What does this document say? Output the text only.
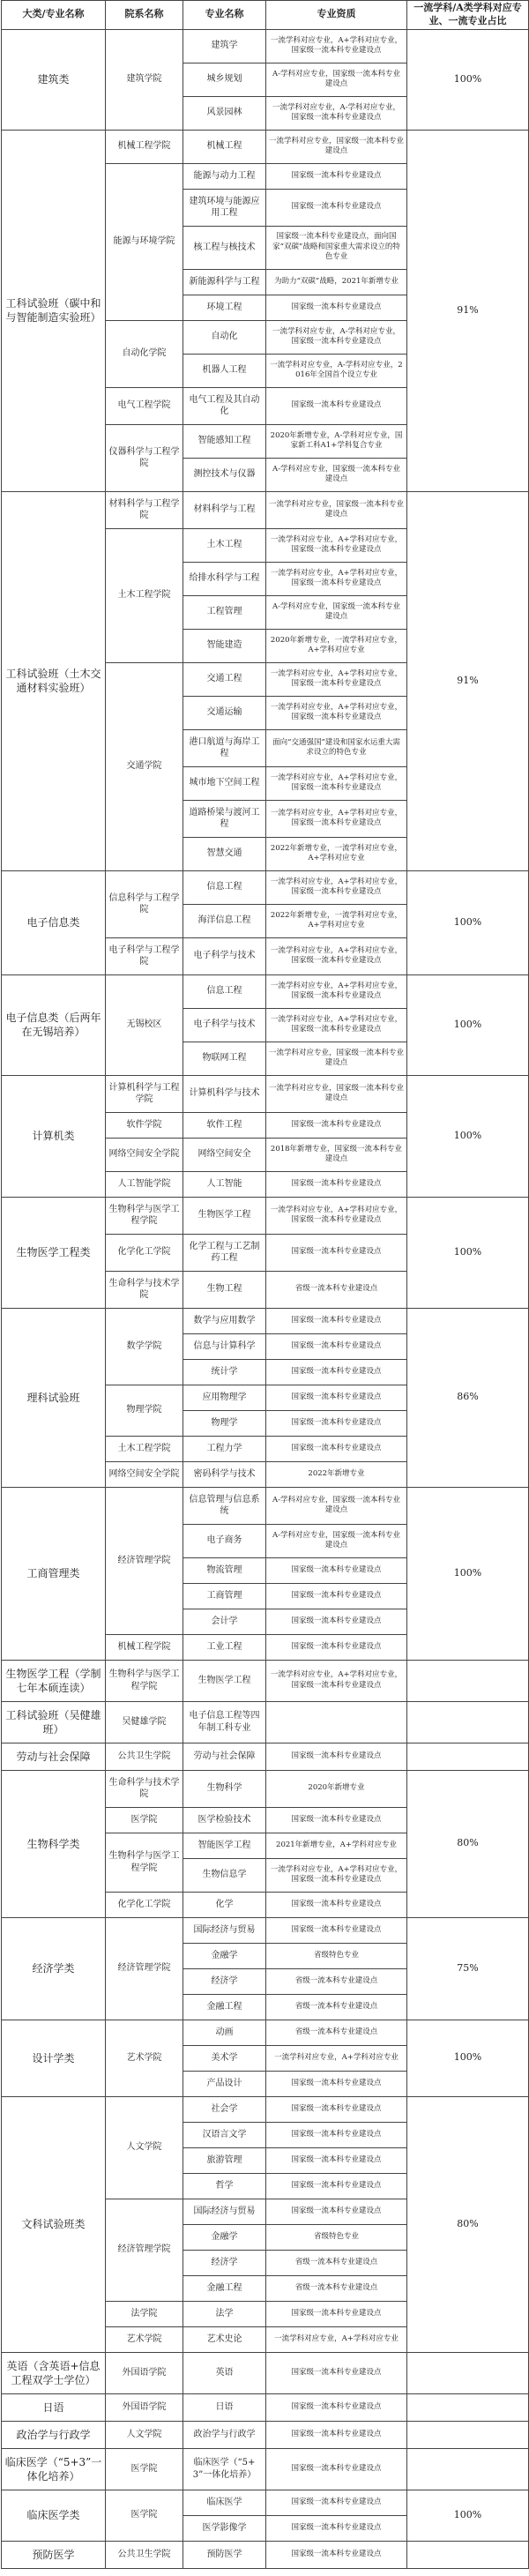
大类/专业名称	院系名称	专业名称	专业资质	一流学科/A类学科对应专业、一流专业占比
建筑类	建筑学院	建筑学	一流学科对应专业，A+学科对应专业，国家级一流本科专业建设点	100%
		城乡规划	A-学科对应专业，国家级一流本科专业建设点	
		风景园林	一流学科对应专业，A-学科对应专业，国家级一流本科专业建设点	
工科试验班（碳中和与智能制造实验班）	机械工程学院	机械工程	一流学科对应专业，国家级一流本科专业建设点	91%
	能源与环境学院	能源与动力工程	国家级一流本科专业建设点	
		建筑环境与能源应用工程	国家级一流本科专业建设点	
		核工程与核技术	国家级一流本科专业建设点，面向国家“双碳”战略和国家重大需求设立的特色专业	
		新能源科学与工程	为助力“双碳”战略，2021年新增专业	
		环境工程	国家级一流本科专业建设点	
	自动化学院	自动化	一流学科对应专业，A-学科对应专业，国家级一流本科专业建设点	
		机器人工程	一流学科对应专业，A-学科对应专业，2016年全国首个设立专业	
	电气工程学院	电气工程及其自动化	国家级一流本科专业建设点	
	仪器科学与工程学院	智能感知工程	2020年新增专业，A-学科对应专业，国家新工科A1+学科复合专业	
		测控技术与仪器	A-学科对应专业，国家级一流本科专业建设点	
工科试验班（土木交通材料实验班）	材料科学与工程学院	材料科学与工程	一流学科对应专业，国家级一流本科专业建设点	91%
	土木工程学院	土木工程	一流学科对应专业，A+学科对应专业，国家级一流本科专业建设点	
		给排水科学与工程	一流学科对应专业，A+学科对应专业，国家级一流本科专业建设点	
		工程管理	A-学科对应专业，国家级一流本科专业建设点	
		智能建造	2020年新增专业，一流学科对应专业，A+学科对应专业	
	交通学院	交通工程	一流学科对应专业，A+学科对应专业，国家级一流本科专业建设点	
		交通运输	一流学科对应专业，A+学科对应专业，国家级一流本科专业建设点	
		港口航道与海岸工程	面向“交通强国”建设和国家水运重大需求设立的特色专业	
		城市地下空间工程	一流学科对应专业，A+学科对应专业，国家级一流本科专业建设点	
		道路桥梁与渡河工程	一流学科对应专业，A+学科对应专业，国家级一流本科专业建设点	
		智慧交通	2022年新增专业，一流学科对应专业，A+学科对应专业	
电子信息类	信息科学与工程学院	信息工程	一流学科对应专业，A+学科对应专业，国家级一流本科专业建设点	100%
		海洋信息工程	2022年新增专业，一流学科对应专业，A+学科对应专业	
	电子科学与工程学院	电子科学与技术	一流学科对应专业，A+学科对应专业，国家级一流本科专业建设点	
电子信息类（后两年在无锡培养）	无锡校区	信息工程	一流学科对应专业，A+学科对应专业，国家级一流本科专业建设点	100%
		电子科学与技术	一流学科对应专业，A+学科对应专业，国家级一流本科专业建设点	
		物联网工程	一流学科对应专业，国家级一流本科专业建设点	
计算机类	计算机科学与工程学院	计算机科学与技术	一流学科对应专业，国家级一流本科专业建设点	100%
	软件学院	软件工程	国家级一流本科专业建设点	
	网络空间安全学院	网络空间安全	2018年新增专业，国家级一流本科专业建设点	
	人工智能学院	人工智能	国家级一流本科专业建设点	
生物医学工程类	生物科学与医学工程学院	生物医学工程	一流学科对应专业，A+学科对应专业，国家级一流本科专业建设点	100%
	化学化工学院	化学工程与工艺制药工程	国家级一流本科专业建设点	
	生命科学与技术学院	生物工程	省级一流本科专业建设点	
理科试验班	数学学院	数学与应用数学	国家级一流本科专业建设点	86%
		信息与计算科学	国家级一流本科专业建设点	
		统计学	国家级一流本科专业建设点	
	物理学院	应用物理学	国家级一流本科专业建设点	
		物理学	国家级一流本科专业建设点	
	土木工程学院	工程力学	国家级一流本科专业建设点	
	网络空间安全学院	密码科学与技术	2022年新增专业	
工商管理类	经济管理学院	信息管理与信息系统	A-学科对应专业，国家级一流本科专业建设点	100%
		电子商务	A-学科对应专业，国家级一流本科专业建设点	
		物流管理	国家级一流本科专业建设点	
		工商管理	国家级一流本科专业建设点	
		会计学	国家级一流本科专业建设点	
	机械工程学院	工业工程	国家级一流本科专业建设点	
生物医学工程（学制七年本硕连读）	生物科学与医学工程学院	生物医学工程	一流学科对应专业，A+学科对应专业，国家级一流本科专业建设点	
工科试验班（吴健雄班）	吴健雄学院	电子信息工程等四年制工科专业		
劳动与社会保障	公共卫生学院	劳动与社会保障	国家级一流本科专业建设点	
生物科学类	生命科学与技术学院	生物科学	2020年新增专业	80%
	医学院	医学检验技术	国家级一流本科专业建设点	
	生物科学与医学工程学院	智能医学工程	2021年新增专业，A+学科对应专业	
		生物信息学	一流学科对应专业，A+学科对应专业，国家级一流本科专业建设点	
	化学化工学院	化学	国家级一流本科专业建设点	
经济学类	经济管理学院	国际经济与贸易	国家级一流本科专业建设点	75%
		金融学	省级特色专业	
		经济学	省级一流本科专业建设点	
		金融工程	省级一流本科专业建设点	
设计学类	艺术学院	动画	省级一流本科专业建设点	100%
		美术学	一流学科对应专业，A+学科对应专业	
		产品设计	国家级一流本科专业建设点	
文科试验班类	人文学院	社会学	国家级一流本科专业建设点	80%
		汉语言文学	国家级一流本科专业建设点	
		旅游管理	国家级一流本科专业建设点	
		哲学	国家级一流本科专业建设点	
	经济管理学院	国际经济与贸易	国家级一流本科专业建设点	
		金融学	省级特色专业	
		经济学	省级一流本科专业建设点	
		金融工程	省级一流本科专业建设点	
	法学院	法学	国家级一流本科专业建设点	
	艺术学院	艺术史论	一流学科对应专业，A+学科对应专业	
英语（含英语+信息工程双学士学位）	外国语学院	英语	国家级一流本科专业建设点	
日语	外国语学院	日语	国家级一流本科专业建设点	
政治学与行政学	人文学院	政治学与行政学	国家级一流本科专业建设点	
临床医学（“5+3”一体化培养）	医学院	临床医学（“5+3”一体化培养）	国家级一流本科专业建设点	
临床医学类	医学院	临床医学	国家级一流本科专业建设点	100%
		医学影像学	国家级一流本科专业建设点	
预防医学	公共卫生学院	预防医学	国家级一流本科专业建设点	
